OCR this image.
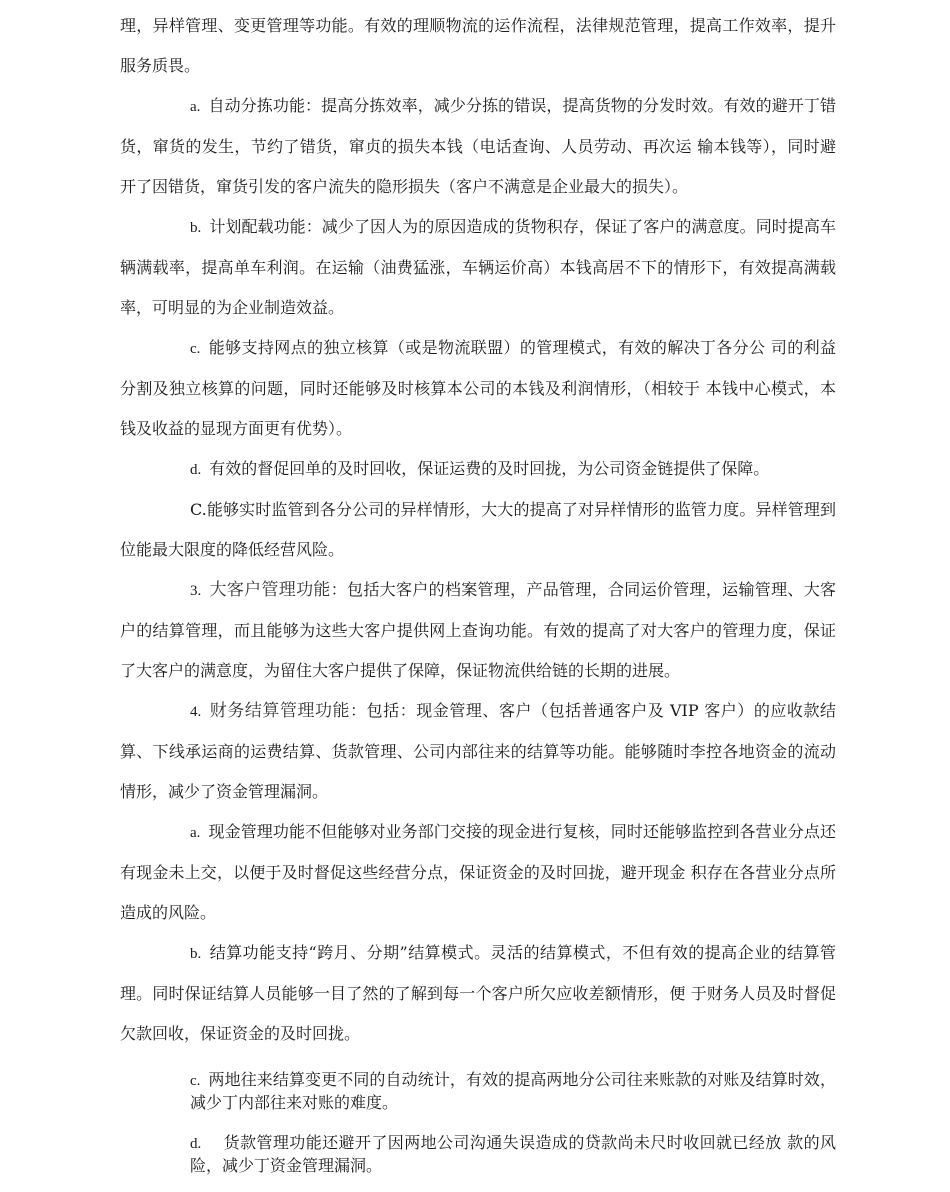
理，异样管理、变更管理等功能。有效的理顺物流的运作流程，法律规范管理，提高工作效率，提升服务质畏。

a. 自动分拣功能：提高分拣效率，减少分拣的错误，提高货物的分发时效。有效的避开丁错货，窜货的发生，节约了错货，窜贞的损失本钱（电话查询、人员劳动、再次运 输本钱等），同时避开了因错货，窜货引发的客户流失的隐形损失（客户不满意是企业最大的损失）。

b. 计划配载功能：减少了因人为的原因造成的货物积存，保证了客户的满意度。同时提高车辆满载率，提高单车利润。在运输（油费猛涨，车辆运价高）本钱高居不下的情形下，有效提高满载率，可明显的为企业制造效益。

c. 能够支持网点的独立核算（或是物流联盟）的管理模式，有效的解决丁各分公 司的利益分割及独立核算的问题，同时还能够及时核算本公司的本钱及利润情形，（相较于 本钱中心模式，本钱及收益的显现方面更有优势）。

d. 有效的督促回单的及时回收，保证运费的及时回拢，为公司资金链提供了保障。

C.能够实时监管到各分公司的异样情形，大大的提高了对异样情形的监管力度。异样管理到位能最大限度的降低经营风险。

3. 大客户管理功能：包括大客户的档案管理，产品管理，合同运价管理，运输管理、大客户的结算管理，而且能够为这些大客户提供网上查询功能。有效的提高了对大客户的管理力度，保证了大客户的满意度，为留住大客户提供了保障，保证物流供给链的长期的进展。

4. 财务结算管理功能：包括：现金管理、客户（包括普通客户及 VIP 客户）的应收款结算、下线承运商的运费结算、货款管理、公司内部往来的结算等功能。能够随时李控各地资金的流动情形，减少了资金管理漏洞。

a. 现金管理功能不但能够对业务部门交接的现金进行复核，同时还能够监控到各营业分点还有现金未上交，以便于及时督促这些经营分点，保证资金的及时回拢，避开现金 积存在各营业分点所造成的风险。

b. 结算功能支持“跨月、分期”结算模式。灵活的结算模式，不但有效的提高企业的结算管理。同时保证结算人员能够一目了然的了解到每一个客户所欠应收差额情形，便 于财务人员及时督促欠款回收，保证资金的及时回拢。

c. 两地往来结算变更不同的自动统计，有效的提高两地分公司往来账款的对账及结算时效，减少丁内部往来对账的难度。

d. 货款管理功能还避开了因两地公司沟通失误造成的贷款尚未尺时收回就已经放 款的风险，减少丁资金管理漏洞。
